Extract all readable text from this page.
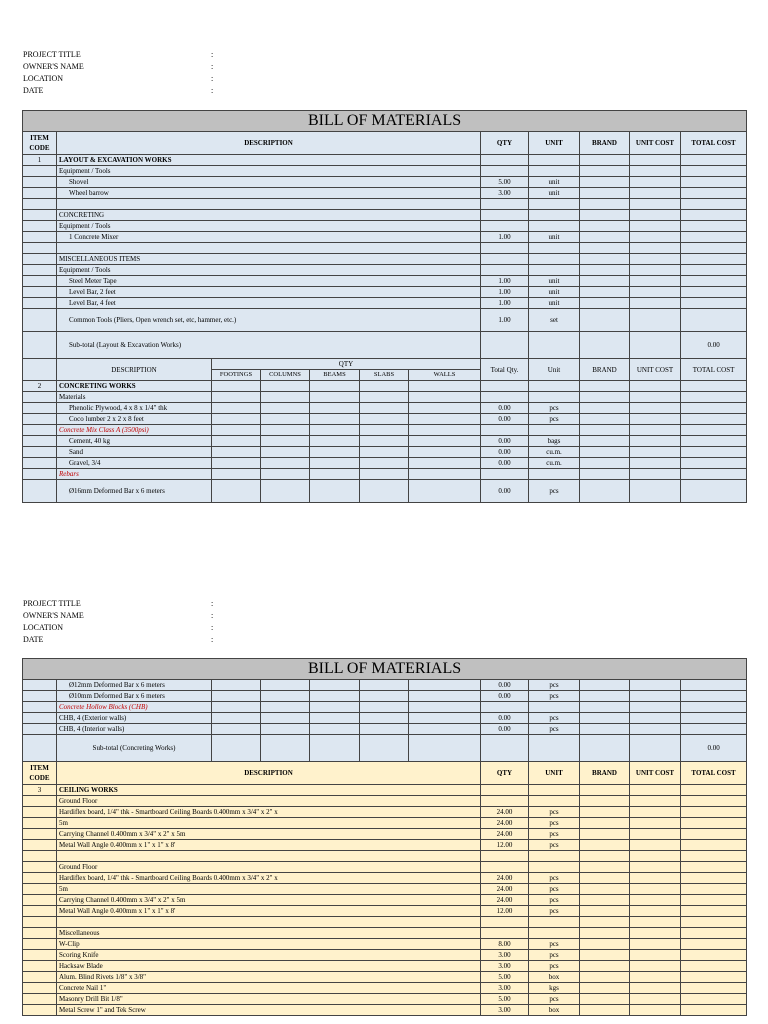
PROJECT TITLE	:
OWNER'S NAME	:
LOCATION	:
DATE	:
BILL OF MATERIALS											
ITEM CODE	DESCRIPTION						QTY	UNIT	BRAND	UNIT COST	TOTAL COST
1	LAYOUT & EXCAVATION WORKS										
	Equipment / Tools										
	Shovel						5.00	unit			
	Wheel barrow						3.00	unit			

	CONCRETING										
	Equipment / Tools										
	1 Concrete Mixer						1.00	unit			

	MISCELLANEOUS ITEMS										
	Equipment / Tools										
	Steel Meter Tape						1.00	unit			
	Level Bar, 2 feet						1.00	unit			
	Level Bar, 4 feet						1.00	unit			
	Common Tools (Pliers, Open wrench set, etc, hammer, etc.)						1.00	set			
	Sub-total (Layout & Excavation Works)										0.00
	DESCRIPTION	QTY					Total Qty.	Unit	BRAND	UNIT COST	TOTAL COST
		FOOTINGS	COLUMNS	BEAMS	SLABS	WALLS					
2	CONCRETING WORKS										
	Materials										
	Phenolic Plywood, 4 x 8 x 1/4" thk						0.00	pcs			
	Coco lumber 2 x 2 x 8 feet						0.00	pcs			
	Concrete Mix Class A (3500psi)										
	Cement, 40 kg						0.00	bags			
	Sand						0.00	cu.m.			
	Gravel, 3/4						0.00	cu.m.			
	Rebars										
	Ø16mm Deformed Bar x 6 meters						0.00	pcs			
PROJECT TITLE	:
OWNER'S NAME	:
LOCATION	:
DATE	:
BILL OF MATERIALS											
	Ø12mm Deformed Bar x 6 meters						0.00	pcs			
	Ø10mm Deformed Bar x 6 meters						0.00	pcs			
	Concrete Hollow Blocks (CHB)										
	CHB, 4 (Exterior walls)						0.00	pcs			
	CHB, 4 (Interior walls)						0.00	pcs			
	Sub-total (Concreting Works)										0.00
ITEM CODE	DESCRIPTION						QTY	UNIT	BRAND	UNIT COST	TOTAL COST
3	CEILING WORKS										
	Ground Floor										
	Hardiflex board, 1/4" thk - Smartboard Ceiling Boards 0.400mm x 3/4" x 2" x						24.00	pcs			
	5m						24.00	pcs			
	Carrying Channel 0.400mm x 3/4" x 2" x 5m						24.00	pcs			
	Metal Wall Angle 0.400mm x 1" x 1" x 8'						12.00	pcs			

	Ground Floor										
	Hardiflex board, 1/4" thk - Smartboard Ceiling Boards 0.400mm x 3/4" x 2" x						24.00	pcs			
	5m						24.00	pcs			
	Carrying Channel 0.400mm x 3/4" x 2" x 5m						24.00	pcs			
	Metal Wall Angle 0.400mm x 1" x 1" x 8'						12.00	pcs			

	Miscellaneous										
	W-Clip						8.00	pcs			
	Scoring Knife						3.00	pcs			
	Hacksaw Blade						3.00	pcs			
	Alum. Blind Rivets 1/8" x 3/8"						5.00	box			
	Concrete Nail 1"						3.00	kgs			
	Masonry Drill Bit 1/8"						5.00	pcs			
	Metal Screw 1" and Tek Screw						3.00	box			
